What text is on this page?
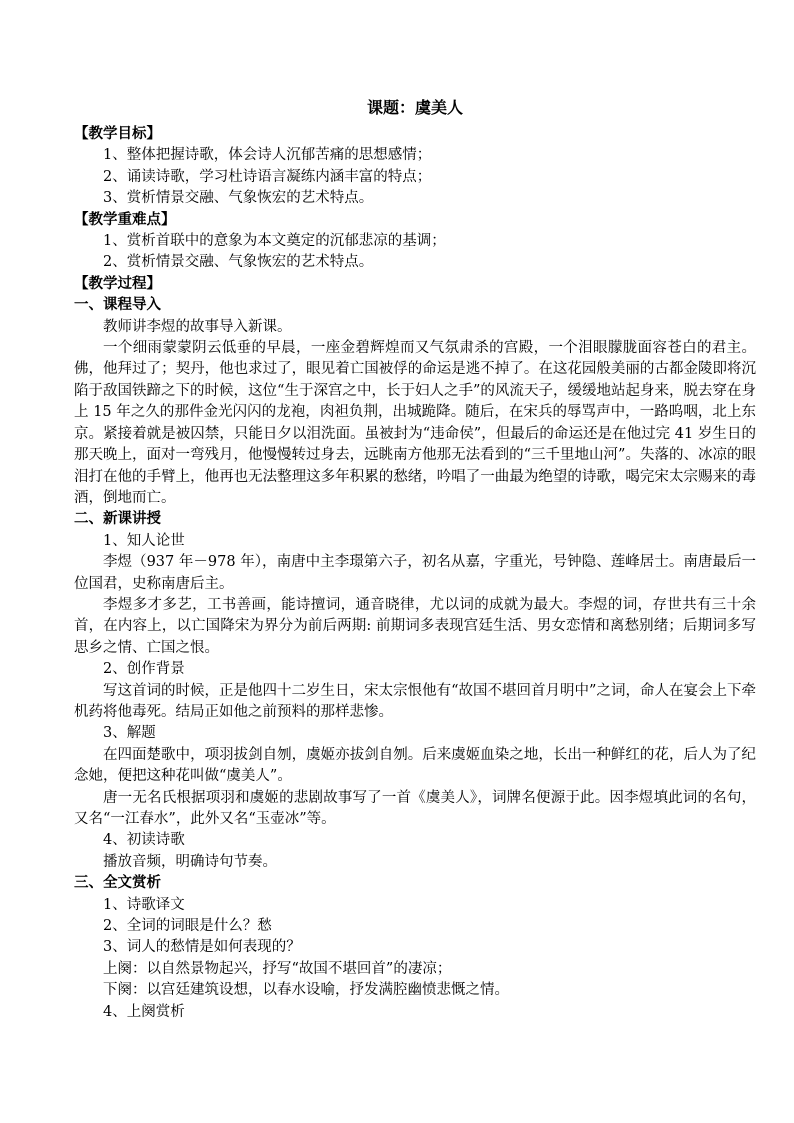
课题：虞美人

【教学目标】

1、整体把握诗歌，体会诗人沉郁苦痛的思想感情；

2、诵读诗歌，学习杜诗语言凝练内涵丰富的特点；

3、赏析情景交融、气象恢宏的艺术特点。

【教学重难点】

1、赏析首联中的意象为本文奠定的沉郁悲凉的基调；

2、赏析情景交融、气象恢宏的艺术特点。

【教学过程】

一、课程导入

教师讲李煜的故事导入新课。

一个细雨蒙蒙阴云低垂的早晨，一座金碧辉煌而又气氛肃杀的宫殿，一个泪眼朦胧面容苍白的君主。佛，他拜过了；契丹，他也求过了，眼见着亡国被俘的命运是逃不掉了。在这花园般美丽的古都金陵即将沉陷于敌国铁蹄之下的时候，这位“生于深宫之中，长于妇人之手”的风流天子，缓缓地站起身来，脱去穿在身上 15 年之久的那件金光闪闪的龙袍，肉袒负荆，出城跪降。随后，在宋兵的辱骂声中，一路呜咽，北上东京。紧接着就是被囚禁，只能日夕以泪洗面。虽被封为“违命侯”，但最后的命运还是在他过完 41 岁生日的那天晚上，面对一弯残月，他慢慢转过身去，远眺南方他那无法看到的“三千里地山河”。失落的、冰凉的眼泪打在他的手臂上，他再也无法整理这多年积累的愁绪，吟唱了一曲最为绝望的诗歌，喝完宋太宗赐来的毒酒，倒地而亡。

二、新课讲授

1、知人论世

李煜（937 年－978 年），南唐中主李璟第六子，初名从嘉，字重光，号钟隐、莲峰居士。南唐最后一位国君，史称南唐后主。

李煜多才多艺，工书善画，能诗擅词，通音晓律，尤以词的成就为最大。李煜的词，存世共有三十余首，在内容上，以亡国降宋为界分为前后两期: 前期词多表现宫廷生活、男女恋情和离愁别绪；后期词多写思乡之情、亡国之恨。

2、创作背景

写这首词的时候，正是他四十二岁生日，宋太宗恨他有“故国不堪回首月明中”之词，命人在宴会上下牵机药将他毒死。结局正如他之前预料的那样悲惨。

3、解题

在四面楚歌中，项羽拔剑自刎，虞姬亦拔剑自刎。后来虞姬血染之地，长出一种鲜红的花，后人为了纪念她，便把这种花叫做“虞美人”。

唐一无名氏根据项羽和虞姬的悲剧故事写了一首《虞美人》，词牌名便源于此。因李煜填此词的名句，又名“一江春水”，此外又名“玉壶冰”等。

4、初读诗歌

播放音频，明确诗句节奏。

三、全文赏析

1、诗歌译文

2、全词的词眼是什么？愁

3、词人的愁情是如何表现的？

上阕：以自然景物起兴，抒写“故国不堪回首”的凄凉；

下阕：以宫廷建筑设想，以春水设喻，抒发满腔幽愤悲慨之情。

4、上阕赏析
